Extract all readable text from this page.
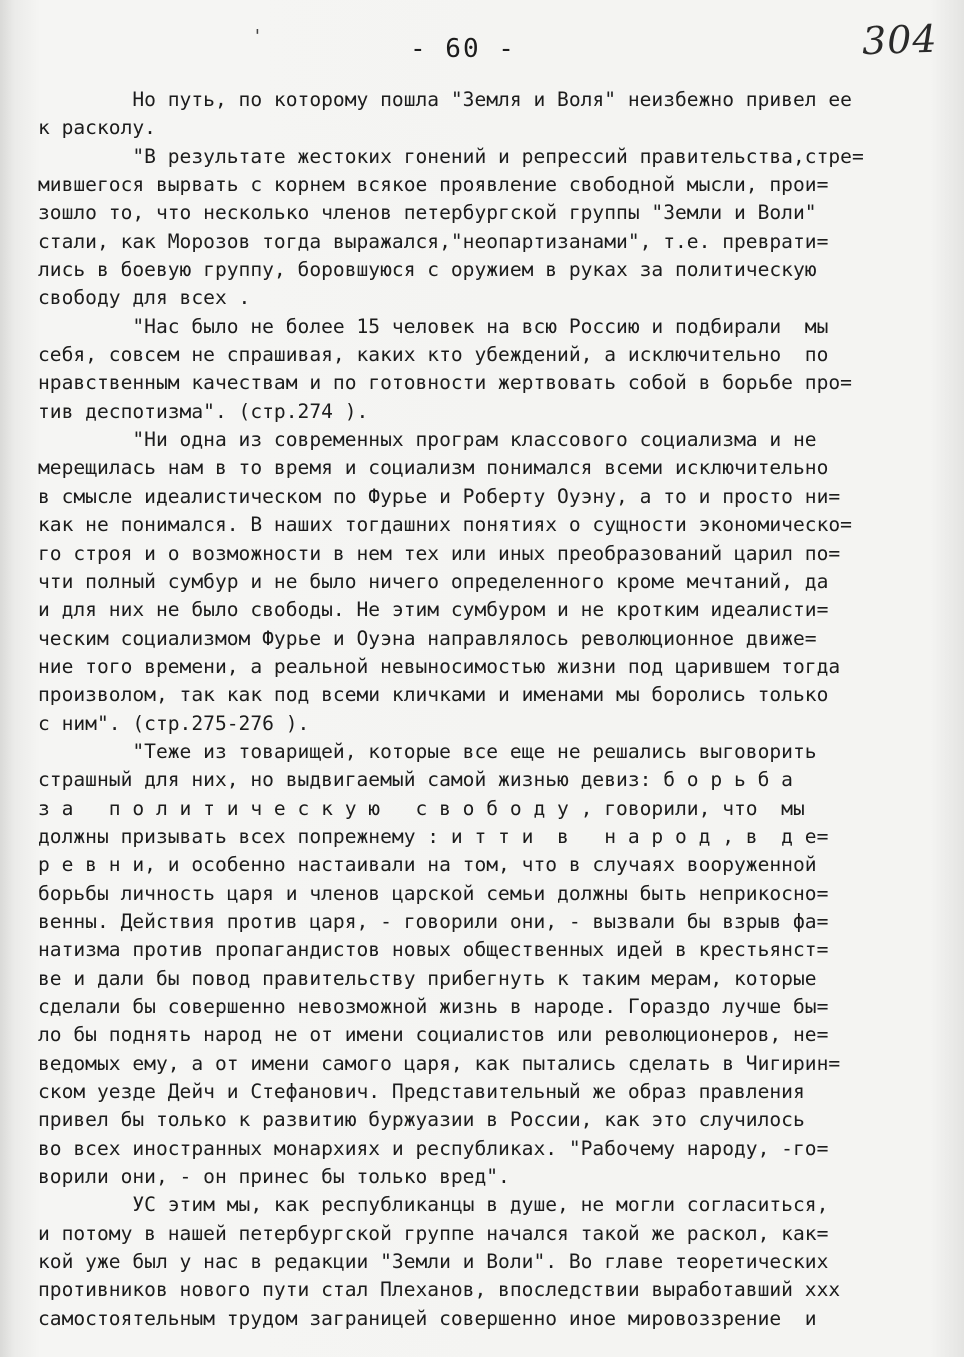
'	- 60 -	304
Но путь, по которому пошла "Земля и Воля" неизбежно привел ее
к расколу.
"В результате жестоких гонений и репрессий правительства,стре=
мившегося вырвать с корнем всякое проявление свободной мысли, прои=
зошло то, что несколько членов петербургской группы "Земли и Воли"
стали, как Морозов тогда выражался,"неопартизанами", т.е. преврати=
лись в боевую группу, боровшуюся с оружием в руках за политическую
свободу для всех .
"Нас было не более 15 человек на всю Россию и подбирали  мы
себя, совсем не спрашивая, каких кто убеждений, а исключительно  по
нравственным качествам и по готовности жертвовать собой в борьбе про=
тив деспотизма". (стр.274 ).
"Ни одна из современных програм классового социализма и не
мерещилась нам в то время и социализм понимался всеми исключительно
в смысле идеалистическом по Фурье и Роберту Оуэну, а то и просто ни=
как не понимался. В наших тогдашних понятиях о сущности экономическо=
го строя и о возможности в нем тех или иных преобразований царил по=
чти полный сумбур и не было ничего определенного кроме мечтаний, да
и для них не было свободы. Не этим сумбуром и не кротким идеалисти=
ческим социализмом Фурье и Оуэна направлялось революционное движе=
ние того времени, а реальной невыносимостью жизни под царившем тогда
произволом, так как под всеми кличками и именами мы боролись только
с ним". (стр.275-276 ).
"Теже из товарищей, которые все еще не решались выговорить
страшный для них, но выдвигаемый самой жизнью девиз: б о р ь б а
з а   п о л и т и ч е с к у ю   с в о б о д у , говорили, что  мы
должны призывать всех попрежнему : и т т и  в   н а р о д , в  д е=
р е в н и, и особенно настаивали на том, что в случаях вооруженной
борьбы личность царя и членов царской семьи должны быть неприкосно=
венны. Действия против царя, - говорили они, - вызвали бы взрыв фа=
натизма против пропагандистов новых общественных идей в крестьянст=
ве и дали бы повод правительству прибегнуть к таким мерам, которые
сделали бы совершенно невозможной жизнь в народе. Гораздо лучше бы=
ло бы поднять народ не от имени социалистов или революционеров, не=
ведомых ему, а от имени самого царя, как пытались сделать в Чигирин=
ском уезде Дейч и Стефанович. Представительный же образ правления
привел бы только к развитию буржуазии в России, как это случилось
во всех иностранных монархиях и республиках. "Рабочему народу, -го=
ворили они, - он принес бы только вред".
УС этим мы, как республиканцы в душе, не могли согласиться,
и потому в нашей петербургской группе начался такой же раскол, как=
кой уже был у нас в редакции "Земли и Воли". Во главе теоретических
противников нового пути стал Плеханов, впоследствии выработавший xxx
самостоятельным трудом заграницей совершенно иное мировоззрение  и
